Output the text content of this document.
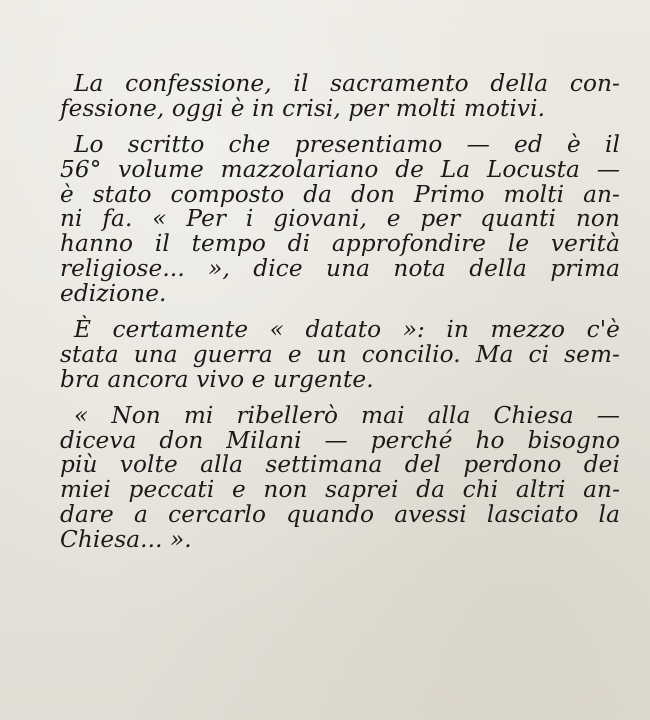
La confessione, il sacramento della con-
fessione, oggi è in crisi, per molti motivi.

Lo scritto che presentiamo — ed è il
56° volume mazzolariano de La Locusta —
è stato composto da don Primo molti an-
ni fa. « Per i giovani, e per quanti non
hanno il tempo di approfondire le verità
religiose... », dice una nota della prima
edizione.

È certamente « datato »: in mezzo c'è
stata una guerra e un concilio. Ma ci sem-
bra ancora vivo e urgente.

« Non mi ribellerò mai alla Chiesa —
diceva don Milani — perché ho bisogno
più volte alla settimana del perdono dei
miei peccati e non saprei da chi altri an-
dare a cercarlo quando avessi lasciato la
Chiesa... ».
